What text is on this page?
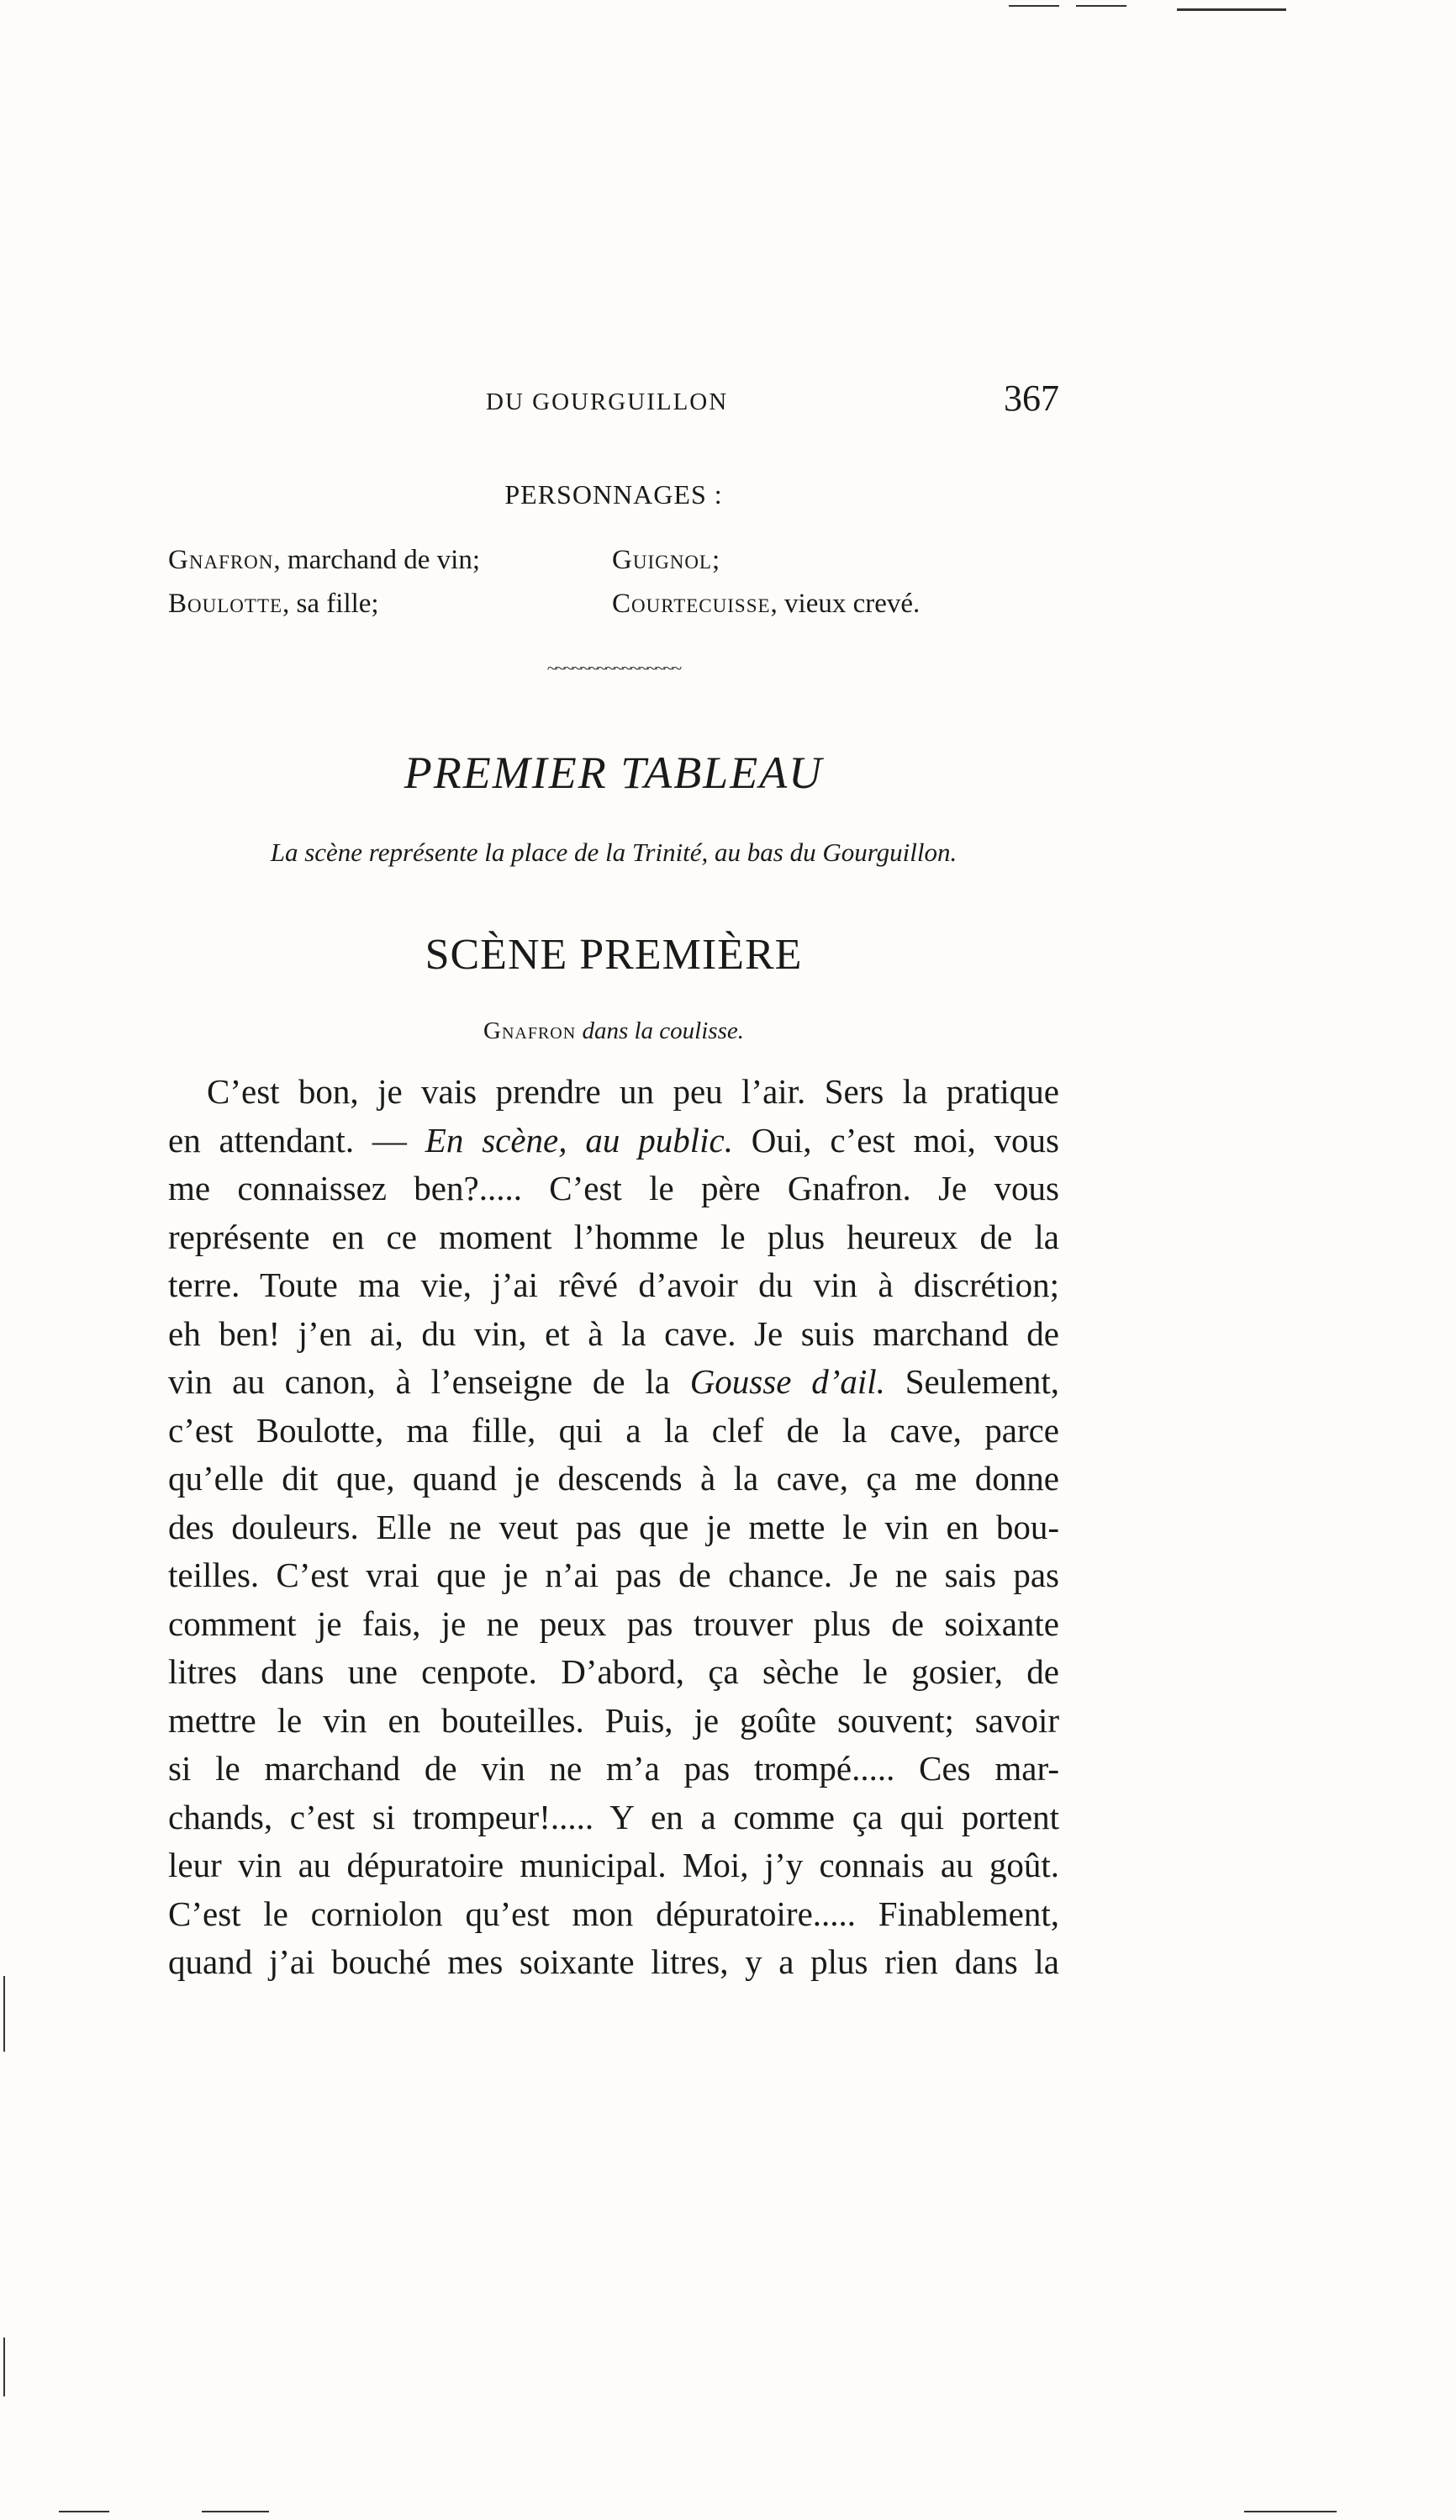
DU GOURGUILLON	367
PERSONNAGES :
Gnafron, marchand de vin;
Boulotte, sa fille;
Guignol;
Courtecuisse, vieux crevé.
~~~~~~~~~~~~~~~~
PREMIER TABLEAU
La scène représente la place de la Trinité, au bas du Gourguillon.
SCÈNE PREMIÈRE
Gnafron dans la coulisse.
C’est bon, je vais prendre un peu l’air. Sers la pratique
en attendant. — En scène, au public. Oui, c’est moi, vous
me connaissez ben?..... C’est le père Gnafron. Je vous
représente en ce moment l’homme le plus heureux de la
terre. Toute ma vie, j’ai rêvé d’avoir du vin à discrétion;
eh ben! j’en ai, du vin, et à la cave. Je suis marchand de
vin au canon, à l’enseigne de la Gousse d’ail. Seulement,
c’est Boulotte, ma fille, qui a la clef de la cave, parce
qu’elle dit que, quand je descends à la cave, ça me donne
des douleurs. Elle ne veut pas que je mette le vin en bou-
teilles. C’est vrai que je n’ai pas de chance. Je ne sais pas
comment je fais, je ne peux pas trouver plus de soixante
litres dans une cenpote. D’abord, ça sèche le gosier, de
mettre le vin en bouteilles. Puis, je goûte souvent; savoir
si le marchand de vin ne m’a pas trompé..... Ces mar-
chands, c’est si trompeur!..... Y en a comme ça qui portent
leur vin au dépuratoire municipal. Moi, j’y connais au goût.
C’est le corniolon qu’est mon dépuratoire..... Finablement,
quand j’ai bouché mes soixante litres, y a plus rien dans la
